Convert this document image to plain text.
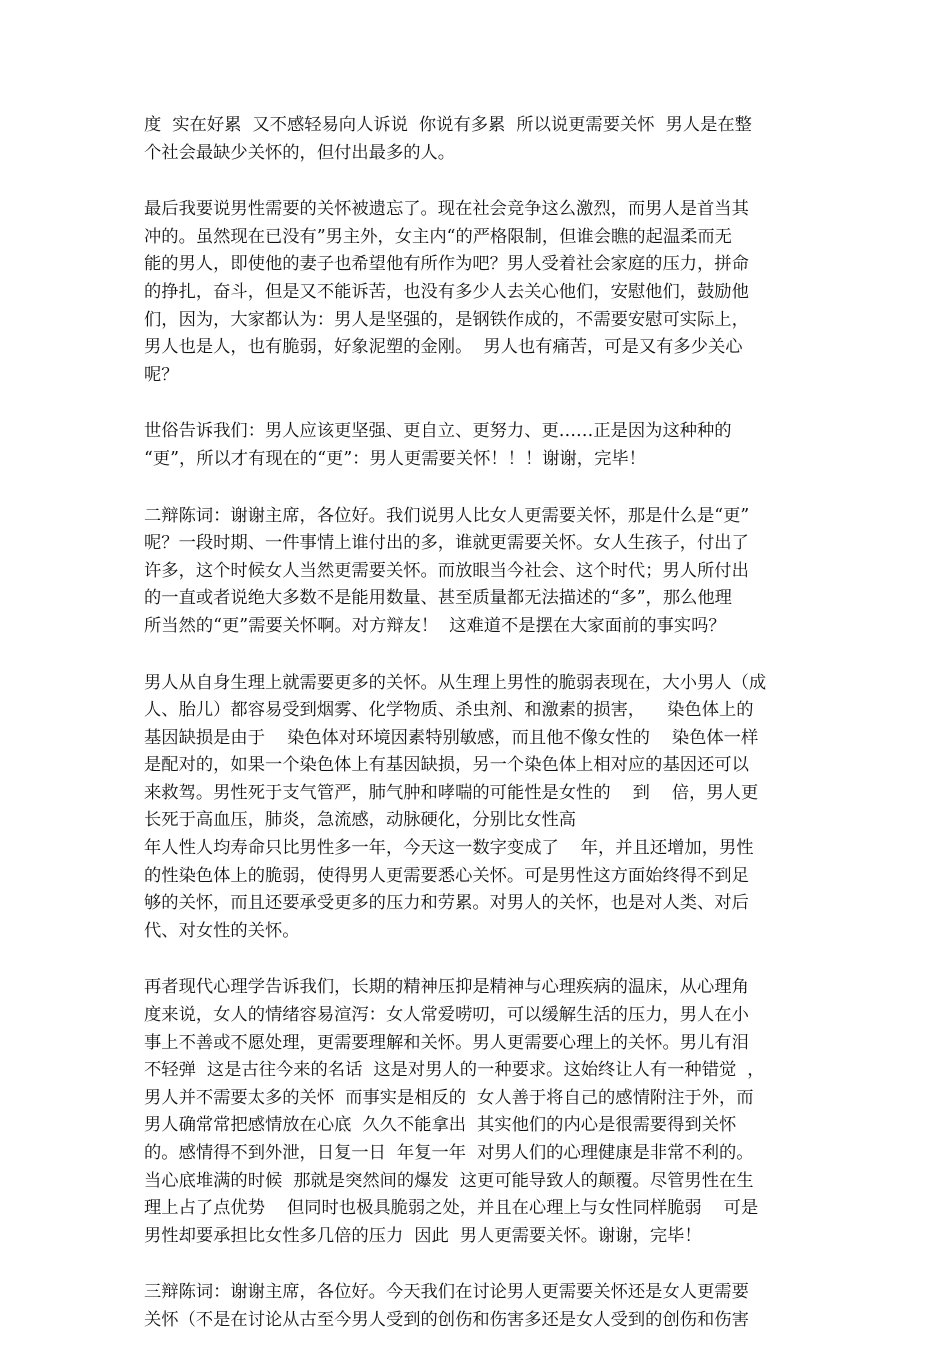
度  实在好累  又不感轻易向人诉说  你说有多累  所以说更需要关怀  男人是在整
个社会最缺少关怀的，但付出最多的人。

最后我要说男性需要的关怀被遗忘了。现在社会竞争这么激烈，而男人是首当其
冲的。虽然现在已没有”男主外，女主内“的严格限制，但谁会瞧的起温柔而无
能的男人，即使他的妻子也希望他有所作为吧？男人受着社会家庭的压力，拼命
的挣扎，奋斗，但是又不能诉苦，也没有多少人去关心他们，安慰他们，鼓励他
们，因为，大家都认为：男人是坚强的，是钢铁作成的，不需要安慰可实际上，
男人也是人，也有脆弱，好象泥塑的金刚。  男人也有痛苦，可是又有多少关心
呢？

世俗告诉我们：男人应该更坚强、更自立、更努力、更……正是因为这种种的
“更”，所以才有现在的“更”：男人更需要关怀！！！谢谢，完毕！

二辩陈词：谢谢主席，各位好。我们说男人比女人更需要关怀，那是什么是“更”
呢？一段时期、一件事情上谁付出的多，谁就更需要关怀。女人生孩子，付出了
许多，这个时候女人当然更需要关怀。而放眼当今社会、这个时代；男人所付出
的一直或者说绝大多数不是能用数量、甚至质量都无法描述的“多”，那么他理
所当然的“更”需要关怀啊。对方辩友！  这难道不是摆在大家面前的事实吗？

男人从自身生理上就需要更多的关怀。从生理上男性的脆弱表现在，大小男人（成
人、胎儿）都容易受到烟雾、化学物质、杀虫剂、和激素的损害，    染色体上的
基因缺损是由于    染色体对环境因素特别敏感，而且他不像女性的    染色体一样
是配对的，如果一个染色体上有基因缺损，另一个染色体上相对应的基因还可以
来救驾。男性死于支气管严，肺气肿和哮喘的可能性是女性的    到    倍，男人更
长死于高血压，肺炎，急流感，动脉硬化，分别比女性高
年人性人均寿命只比男性多一年，今天这一数字变成了    年，并且还增加，男性
的性染色体上的脆弱，使得男人更需要悉心关怀。可是男性这方面始终得不到足
够的关怀，而且还要承受更多的压力和劳累。对男人的关怀，也是对人类、对后
代、对女性的关怀。

再者现代心理学告诉我们，长期的精神压抑是精神与心理疾病的温床，从心理角
度来说，女人的情绪容易渲泻：女人常爱唠叨，可以缓解生活的压力，男人在小
事上不善或不愿处理，更需要理解和关怀。男人更需要心理上的关怀。男儿有泪
不轻弹  这是古往今来的名话  这是对男人的一种要求。这始终让人有一种错觉  ，
男人并不需要太多的关怀  而事实是相反的  女人善于将自己的感情附注于外，而
男人确常常把感情放在心底  久久不能拿出  其实他们的内心是很需要得到关怀
的。感情得不到外泄，日复一日  年复一年  对男人们的心理健康是非常不利的。
当心底堆满的时候  那就是突然间的爆发  这更可能导致人的颠覆。尽管男性在生
理上占了点优势    但同时也极具脆弱之处，并且在心理上与女性同样脆弱    可是
男性却要承担比女性多几倍的压力  因此  男人更需要关怀。谢谢，完毕！

三辩陈词：谢谢主席，各位好。今天我们在讨论男人更需要关怀还是女人更需要
关怀（不是在讨论从古至今男人受到的创伤和伤害多还是女人受到的创伤和伤害
